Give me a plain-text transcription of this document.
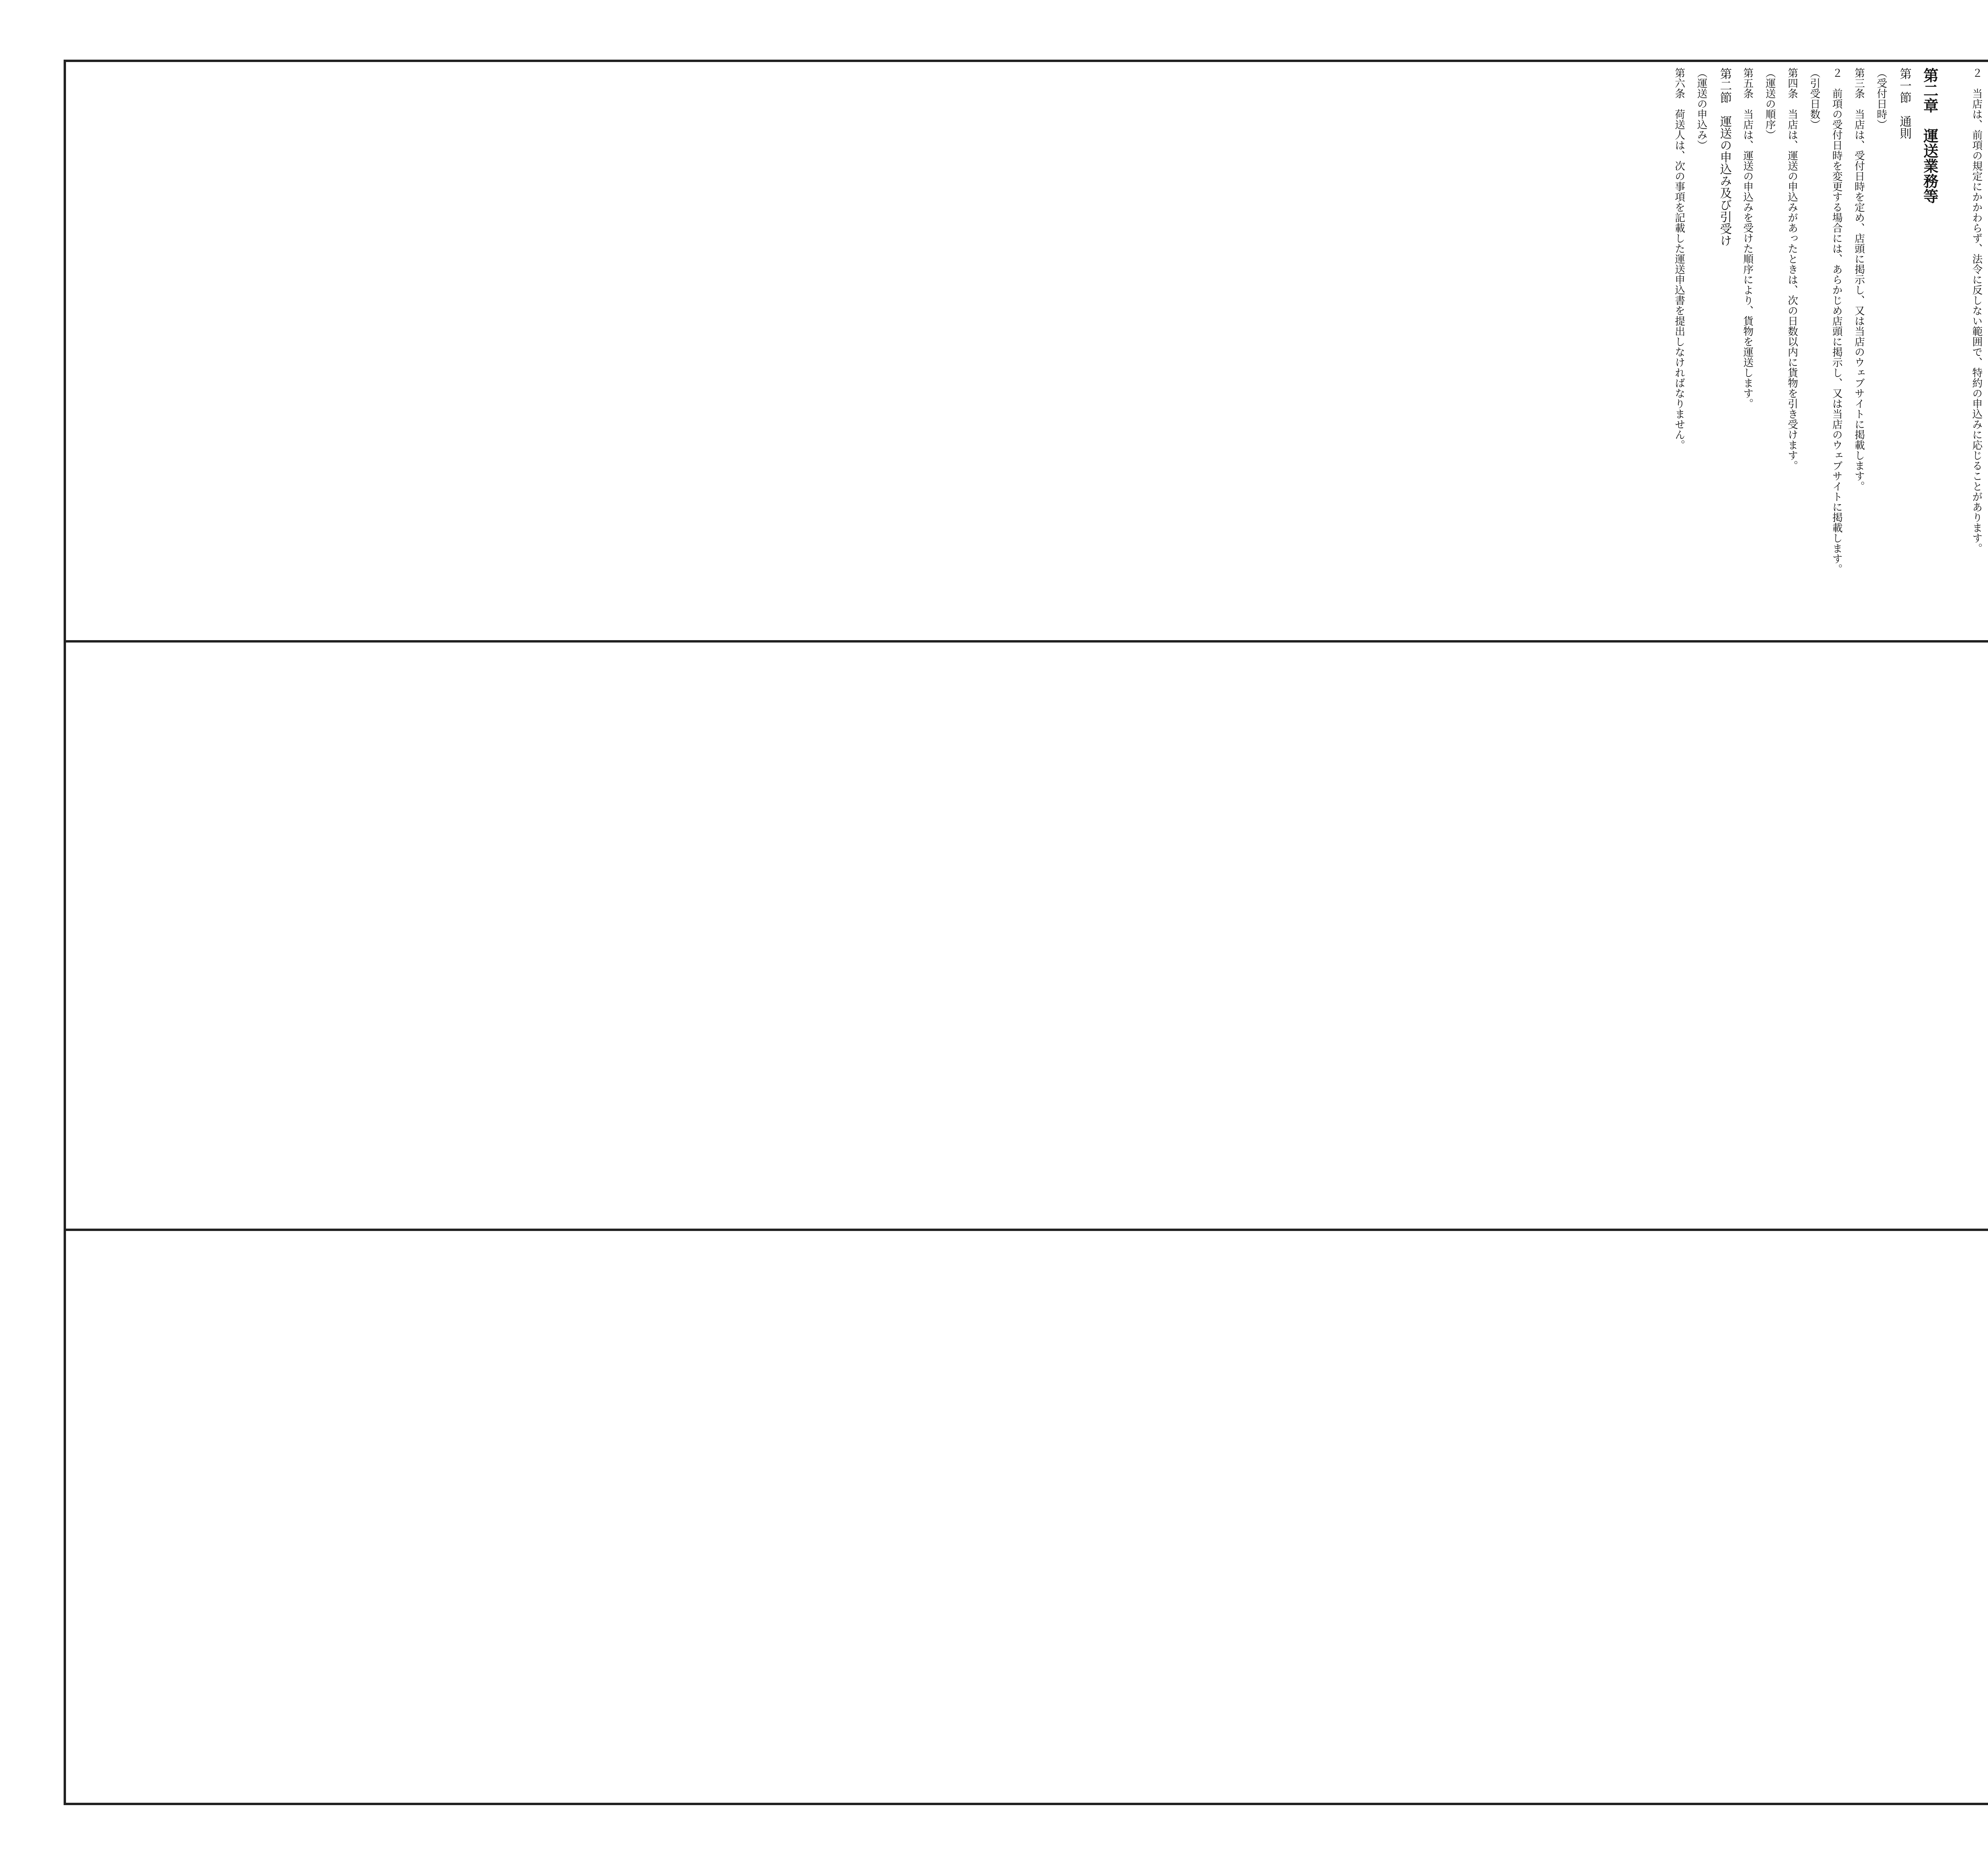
２　当店は、前項の規定にかかわらず、法令に反しない範囲で、特約の申込みに応じることがあります。
第二章　運送業務等
第一節　通則
（受付日時）
第三条　当店は、受付日時を定め、店頭に掲示し、又は当店のウェブサイトに掲載します。
２　前項の受付日時を変更する場合には、あらかじめ店頭に掲示し、又は当店のウェブサイトに掲載します。
（引受日数）
第四条　当店は、運送の申込みがあったときは、次の日数以内に貨物を引き受けます。
（運送の順序）
第五条　当店は、運送の申込みを受けた順序により、貨物を運送します。
第二節　運送の申込み及び引受け
（運送の申込み）
第六条　荷送人は、次の事項を記載した運送申込書を提出しなければなりません。
